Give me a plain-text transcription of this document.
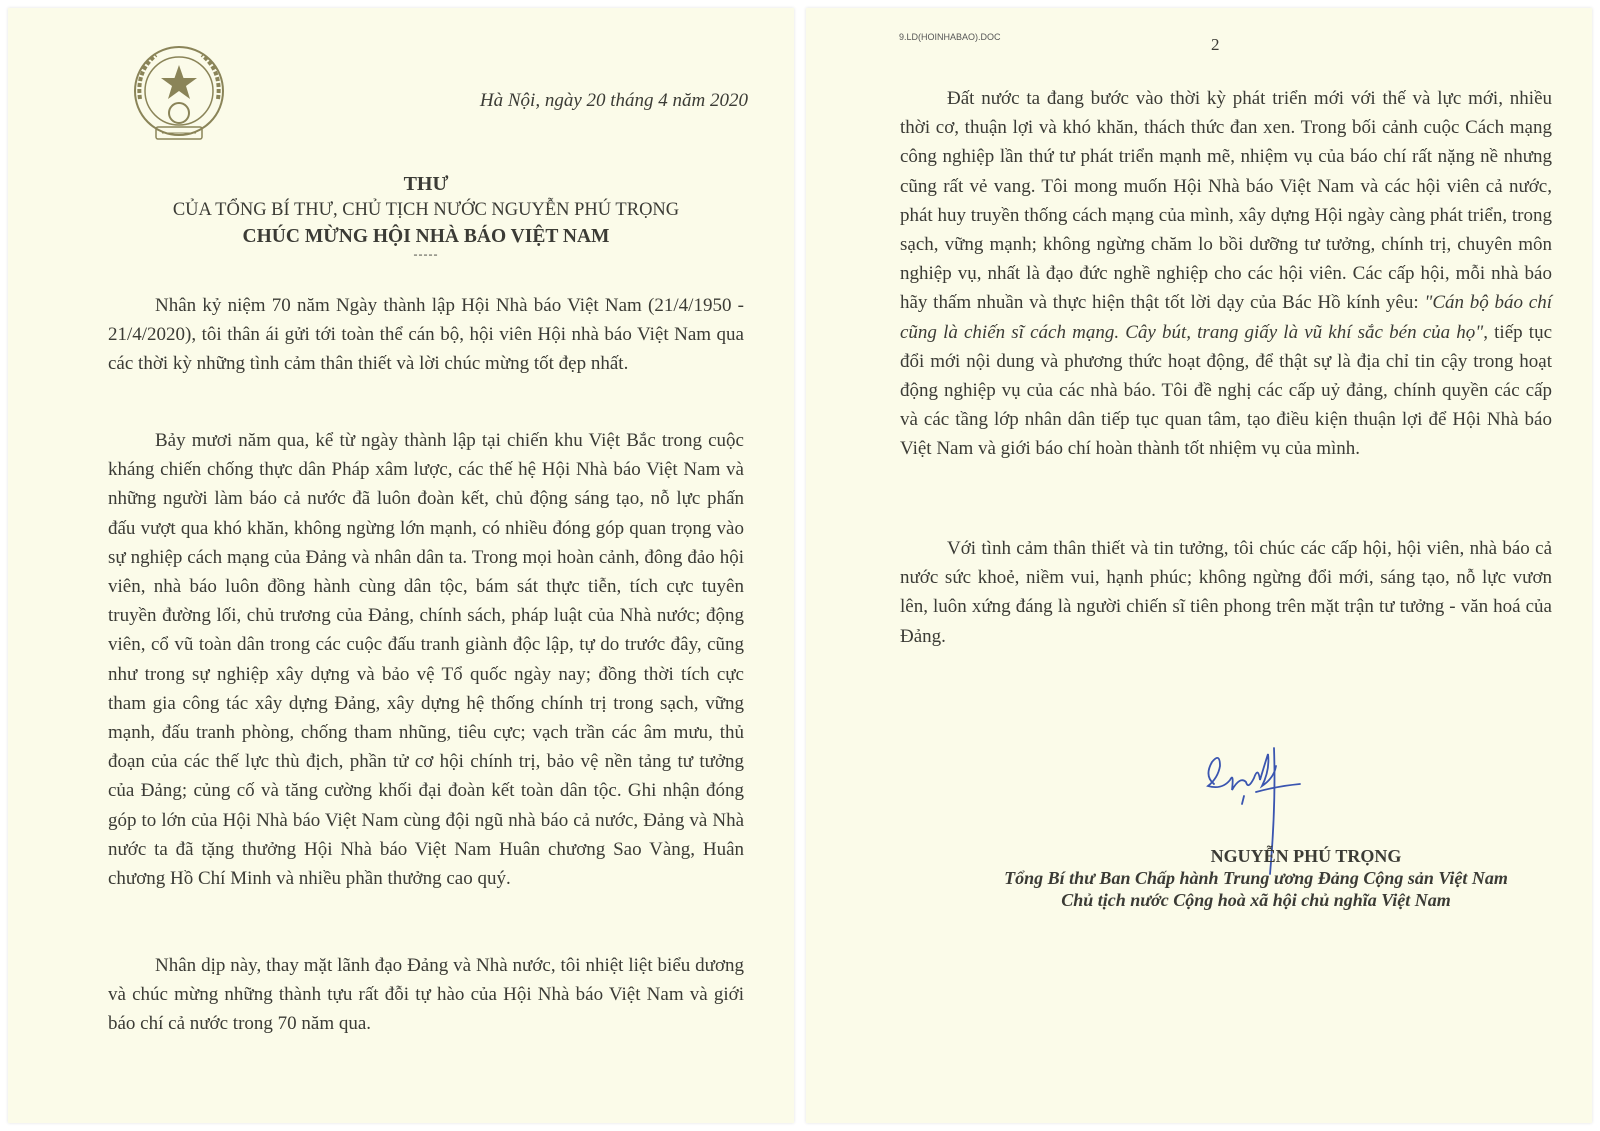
Hà Nội, ngày 20 tháng 4 năm 2020
THƯ
CỦA TỔNG BÍ THƯ, CHỦ TỊCH NƯỚC NGUYỄN PHÚ TRỌNG
CHÚC MỪNG HỘI NHÀ BÁO VIỆT NAM
-----

Nhân kỷ niệm 70 năm Ngày thành lập Hội Nhà báo Việt Nam (21/4/1950 - 21/4/2020), tôi thân ái gửi tới toàn thể cán bộ, hội viên Hội nhà báo Việt Nam qua các thời kỳ những tình cảm thân thiết và lời chúc mừng tốt đẹp nhất.

Bảy mươi năm qua, kể từ ngày thành lập tại chiến khu Việt Bắc trong cuộc kháng chiến chống thực dân Pháp xâm lược, các thế hệ Hội Nhà báo Việt Nam và những người làm báo cả nước đã luôn đoàn kết, chủ động sáng tạo, nỗ lực phấn đấu vượt qua khó khăn, không ngừng lớn mạnh, có nhiều đóng góp quan trọng vào sự nghiệp cách mạng của Đảng và nhân dân ta. Trong mọi hoàn cảnh, đông đảo hội viên, nhà báo luôn đồng hành cùng dân tộc, bám sát thực tiễn, tích cực tuyên truyền đường lối, chủ trương của Đảng, chính sách, pháp luật của Nhà nước; động viên, cổ vũ toàn dân trong các cuộc đấu tranh giành độc lập, tự do trước đây, cũng như trong sự nghiệp xây dựng và bảo vệ Tổ quốc ngày nay; đồng thời tích cực tham gia công tác xây dựng Đảng, xây dựng hệ thống chính trị trong sạch, vững mạnh, đấu tranh phòng, chống tham nhũng, tiêu cực; vạch trần các âm mưu, thủ đoạn của các thế lực thù địch, phần tử cơ hội chính trị, bảo vệ nền tảng tư tưởng của Đảng; củng cố và tăng cường khối đại đoàn kết toàn dân tộc. Ghi nhận đóng góp to lớn của Hội Nhà báo Việt Nam cùng đội ngũ nhà báo cả nước, Đảng và Nhà nước ta đã tặng thưởng Hội Nhà báo Việt Nam Huân chương Sao Vàng, Huân chương Hồ Chí Minh và nhiều phần thưởng cao quý.

Nhân dịp này, thay mặt lãnh đạo Đảng và Nhà nước, tôi nhiệt liệt biểu dương và chúc mừng những thành tựu rất đỗi tự hào của Hội Nhà báo Việt Nam và giới báo chí cả nước trong 70 năm qua.

9.LD(HOINHABAO).DOC	2

Đất nước ta đang bước vào thời kỳ phát triển mới với thế và lực mới, nhiều thời cơ, thuận lợi và khó khăn, thách thức đan xen. Trong bối cảnh cuộc Cách mạng công nghiệp lần thứ tư phát triển mạnh mẽ, nhiệm vụ của báo chí rất nặng nề nhưng cũng rất vẻ vang. Tôi mong muốn Hội Nhà báo Việt Nam và các hội viên cả nước, phát huy truyền thống cách mạng của mình, xây dựng Hội ngày càng phát triển, trong sạch, vững mạnh; không ngừng chăm lo bồi dưỡng tư tưởng, chính trị, chuyên môn nghiệp vụ, nhất là đạo đức nghề nghiệp cho các hội viên. Các cấp hội, mỗi nhà báo hãy thấm nhuần và thực hiện thật tốt lời dạy của Bác Hồ kính yêu: "Cán bộ báo chí cũng là chiến sĩ cách mạng. Cây bút, trang giấy là vũ khí sắc bén của họ", tiếp tục đổi mới nội dung và phương thức hoạt động, để thật sự là địa chỉ tin cậy trong hoạt động nghiệp vụ của các nhà báo. Tôi đề nghị các cấp uỷ đảng, chính quyền các cấp và các tầng lớp nhân dân tiếp tục quan tâm, tạo điều kiện thuận lợi để Hội Nhà báo Việt Nam và giới báo chí hoàn thành tốt nhiệm vụ của mình.

Với tình cảm thân thiết và tin tưởng, tôi chúc các cấp hội, hội viên, nhà báo cả nước sức khoẻ, niềm vui, hạnh phúc; không ngừng đổi mới, sáng tạo, nỗ lực vươn lên, luôn xứng đáng là người chiến sĩ tiên phong trên mặt trận tư tưởng - văn hoá của Đảng.

NGUYỄN PHÚ TRỌNG
Tổng Bí thư Ban Chấp hành Trung ương Đảng Cộng sản Việt Nam
Chủ tịch nước Cộng hoà xã hội chủ nghĩa Việt Nam
